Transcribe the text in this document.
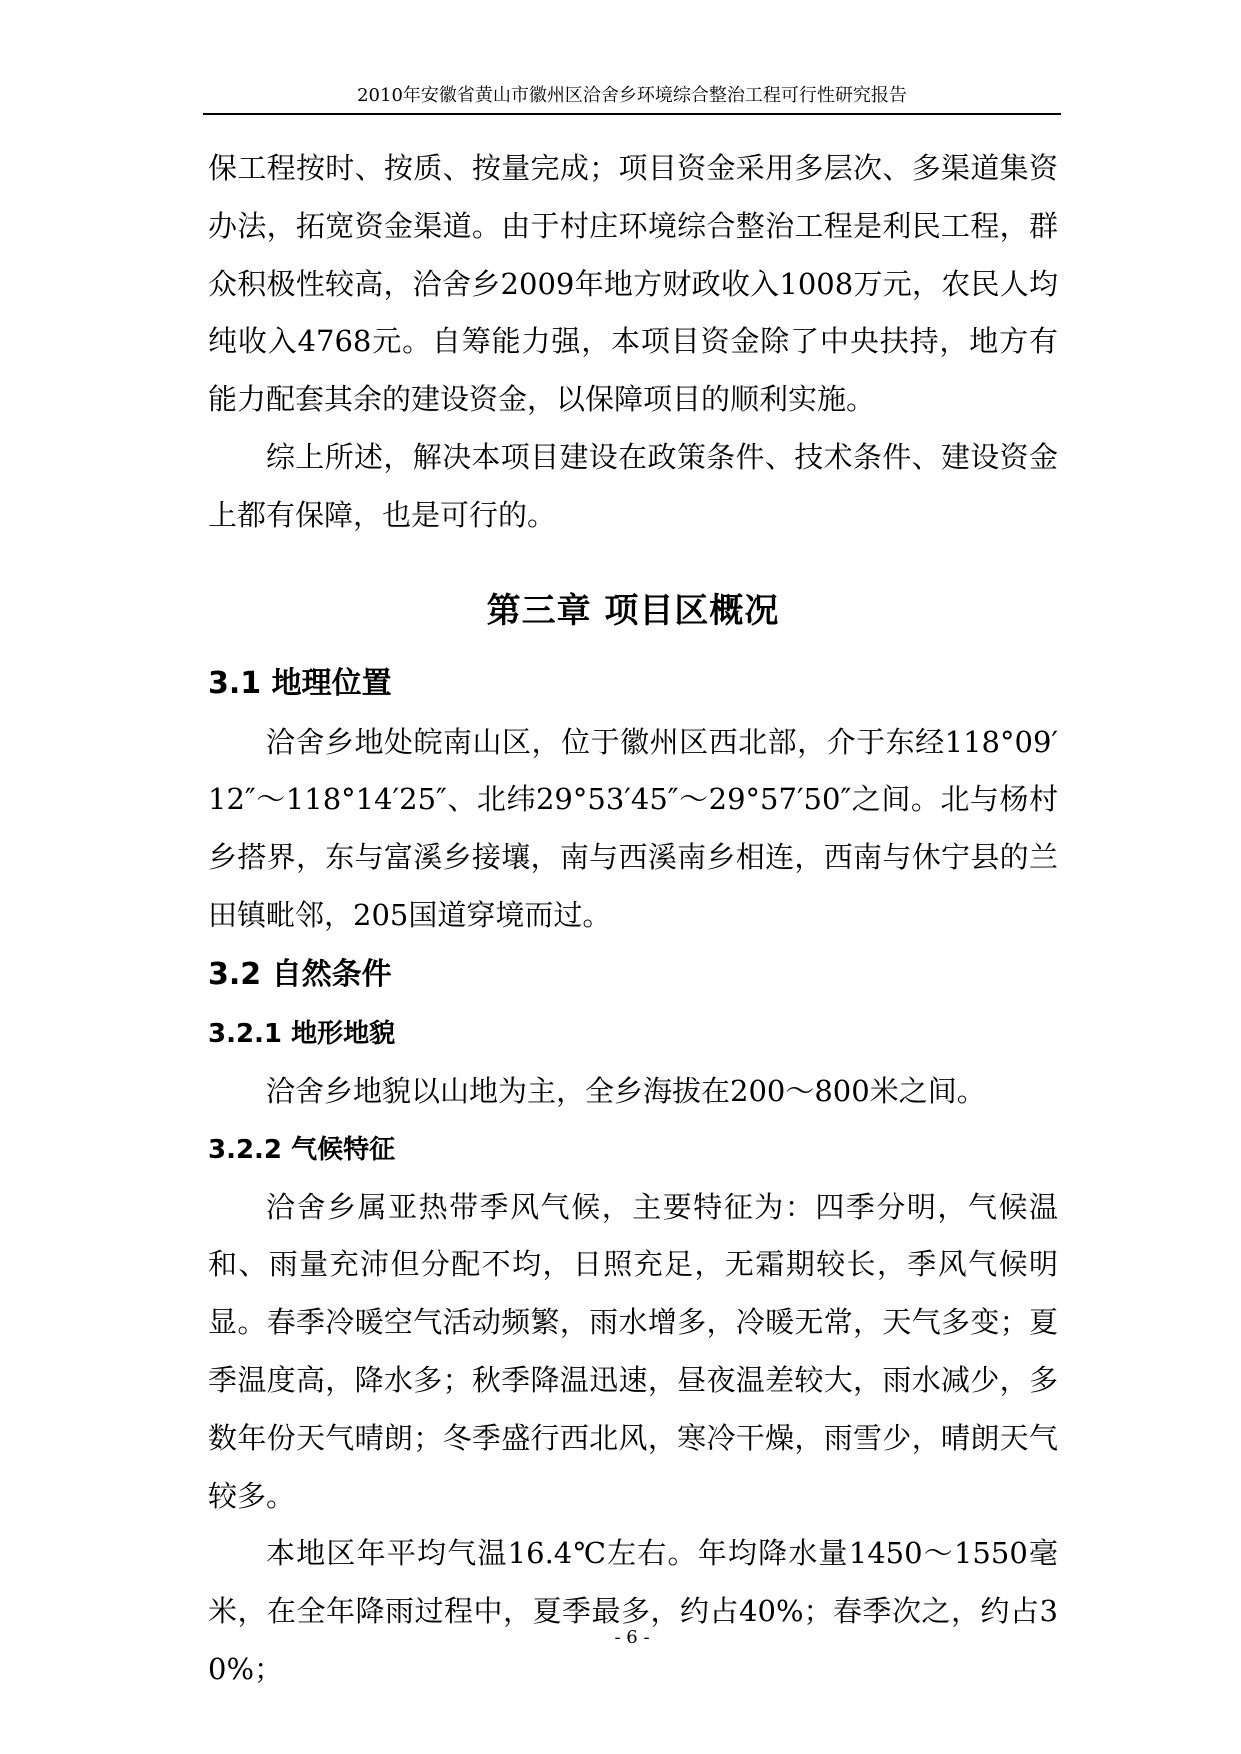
2010年安徽省黄山市徽州区洽舍乡环境综合整治工程可行性研究报告

保工程按时、按质、按量完成；项目资金采用多层次、多渠道集资办法，拓宽资金渠道。由于村庄环境综合整治工程是利民工程，群众积极性较高，洽舍乡2009年地方财政收入1008万元，农民人均纯收入4768元。自筹能力强，本项目资金除了中央扶持，地方有能力配套其余的建设资金，以保障项目的顺利实施。

综上所述，解决本项目建设在政策条件、技术条件、建设资金上都有保障，也是可行的。

第三章 项目区概况
3.1 地理位置

洽舍乡地处皖南山区，位于徽州区西北部，介于东经118°09′12″～118°14′25″、北纬29°53′45″～29°57′50″之间。北与杨村乡搭界，东与富溪乡接壤，南与西溪南乡相连，西南与休宁县的兰田镇毗邻，205国道穿境而过。

3.2 自然条件
3.2.1 地形地貌

洽舍乡地貌以山地为主，全乡海拔在200～800米之间。

3.2.2 气候特征

洽舍乡属亚热带季风气候，主要特征为：四季分明，气候温和、雨量充沛但分配不均，日照充足，无霜期较长，季风气候明显。春季冷暖空气活动频繁，雨水增多，冷暖无常，天气多变；夏季温度高，降水多；秋季降温迅速，昼夜温差较大，雨水减少，多数年份天气晴朗；冬季盛行西北风，寒冷干燥，雨雪少，晴朗天气较多。

本地区年平均气温16.4℃左右。年均降水量1450～1550毫米，在全年降雨过程中，夏季最多，约占40%；春季次之，约占30%；

- 6 -
